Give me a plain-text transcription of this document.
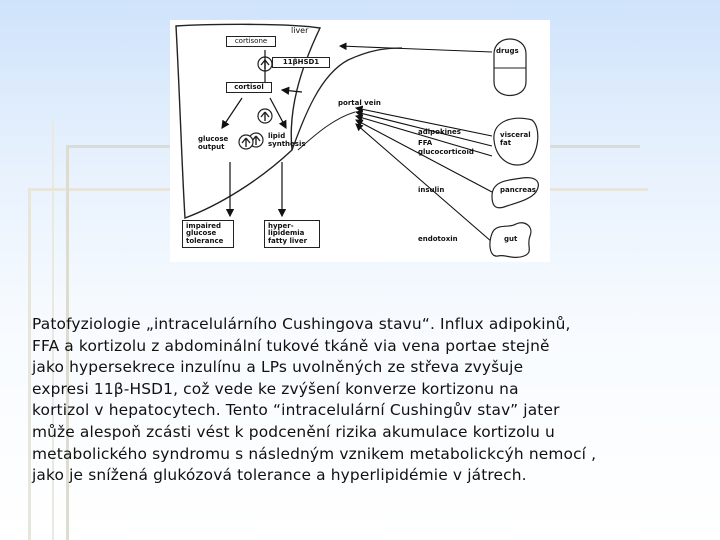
liver
cortisone
11βHSD1
cortisol
portal vein
glucose
output
lipid
synthesis
impaired
glucose
tolerance
hyper-
lipidemia
fatty liver
drugs
adipokines
FFA
glucocorticoid
visceral
fat
insulin	pancreas
endotoxin	gut
Patofyziologie „intracelulárního Cushingova stavu“. Influx adipokinů,
FFA a kortizolu z abdominální tukové tkáně via vena portae stejně
jako hypersekrece inzulínu a LPs uvolněných ze střeva zvyšuje
expresi 11β-HSD1, což vede ke zvýšení konverze kortizonu na
kortizol v hepatocytech. Tento “intracelulární Cushingův stav” jater
může alespoň zcásti vést k podcenění rizika akumulace kortizolu u
metabolického syndromu s následným vznikem metabolickcýh nemocí ,
jako je snížená glukózová tolerance a hyperlipidémie v játrech.
